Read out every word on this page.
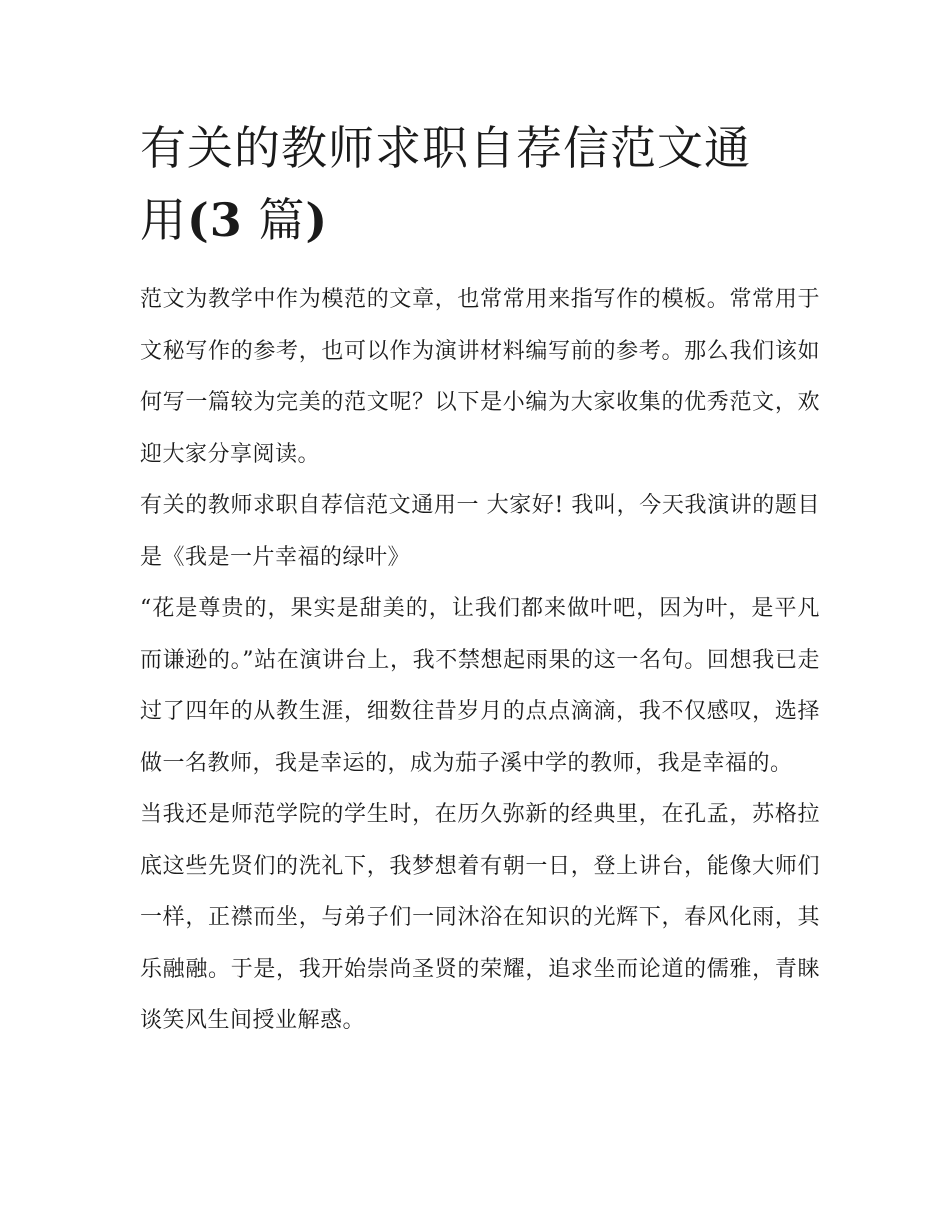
有关的教师求职自荐信范文通
用(3 篇)

范文为教学中作为模范的文章，也常常用来指写作的模板。常常用于文秘写作的参考，也可以作为演讲材料编写前的参考。那么我们该如何写一篇较为完美的范文呢？以下是小编为大家收集的优秀范文，欢迎大家分享阅读。

有关的教师求职自荐信范文通用一 大家好! 我叫，今天我演讲的题目是《我是一片幸福的绿叶》

“花是尊贵的，果实是甜美的，让我们都来做叶吧，因为叶，是平凡而谦逊的。”站在演讲台上，我不禁想起雨果的这一名句。回想我已走过了四年的从教生涯，细数往昔岁月的点点滴滴，我不仅感叹，选择做一名教师，我是幸运的，成为茄子溪中学的教师，我是幸福的。

当我还是师范学院的学生时，在历久弥新的经典里，在孔孟，苏格拉底这些先贤们的洗礼下，我梦想着有朝一日，登上讲台，能像大师们一样，正襟而坐，与弟子们一同沐浴在知识的光辉下，春风化雨，其乐融融。于是，我开始崇尚圣贤的荣耀，追求坐而论道的儒雅，青睐谈笑风生间授业解惑。
